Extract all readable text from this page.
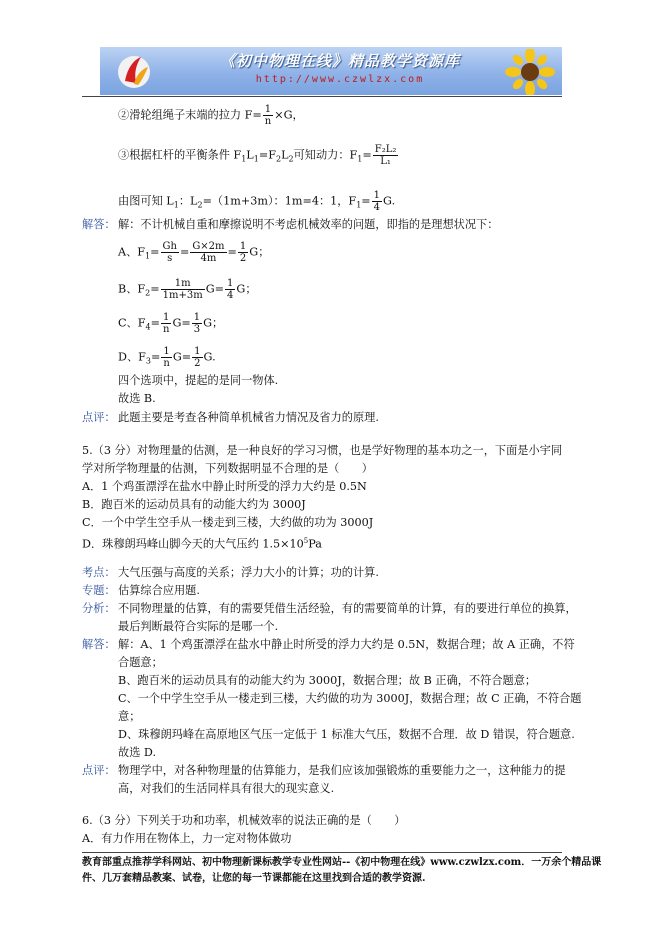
《初中物理在线》精品教学资源库
http://www.czwlzx.com
②滑轮组绳子末端的拉力 $F= \frac{1}{n} \times G$，
③根据杠杆的平衡条件 $F_1L_1=F_2L_2$可知动力：$F_1= \frac{\text{F₂L₂}}{\text{L₁}}$
由图可知 $L_1$：$L_2=(1m+3m)$：1m=4：1，$F_1= \frac{1}{4} G$.
解答： 解：不计机械自重和摩擦说明不考虑机械效率的问题，即指的是理想状况下：
A、$F_1= \frac{Gh}{s} = \frac{G\times 2m}{4m} = \frac{1}{2}$ G；
B、$F_2= \frac{1m}{1m+3m} G= \frac{1}{4}$ G；
C、$F_4= \frac{1}{n} G= \frac{1}{3}$ G；
D、$F_3= \frac{1}{n} G= \frac{1}{2} G$.
四个选项中，提起的是同一物体.
故选 B.
点评： 此题主要是考查各种简单机械省力情况及省力的原理.
5.（3 分）对物理量的估测，是一种良好的学习习惯，也是学好物理的基本功之一，下面是小宇同
学对所学物理量的估测，下列数据明显不合理的是（　　）
A．1 个鸡蛋漂浮在盐水中静止时所受的浮力大约是 0.5N
B．跑百米的运动员具有的动能大约为 3000J
C．一个中学生空手从一楼走到三楼，大约做的功为 3000J
D．珠穆朗玛峰山脚今天的大气压约 $1.5\times 10^5Pa$
考点： 大气压强与高度的关系；浮力大小的计算；功的计算.
专题： 估算综合应用题.
分析： 不同物理量的估算，有的需要凭借生活经验，有的需要简单的计算，有的要进行单位的换算，
最后判断最符合实际的是哪一个.
解答： 解：A、1 个鸡蛋漂浮在盐水中静止时所受的浮力大约是 0.5N，数据合理；故 A 正确，不符
合题意；
B、跑百米的运动员具有的动能大约为 3000J，数据合理；故 B 正确，不符合题意；
C、一个中学生空手从一楼走到三楼，大约做的功为 3000J，数据合理；故 C 正确，不符合题
意；
D、珠穆朗玛峰在高原地区气压一定低于 1 标准大气压，数据不合理．故 D 错误，符合题意.
故选 D.
点评： 物理学中，对各种物理量的估算能力，是我们应该加强锻炼的重要能力之一，这种能力的提
高，对我们的生活同样具有很大的现实意义.
6.（3 分）下列关于功和功率，机械效率的说法正确的是（　　）
A．有力作用在物体上，力一定对物体做功
教育部重点推荐学科网站、初中物理新课标教学专业性网站--《初中物理在线》www.czwlzx.com．一万余个精品课
件、几万套精品教案、试卷，让您的每一节课都能在这里找到合适的教学资源.
